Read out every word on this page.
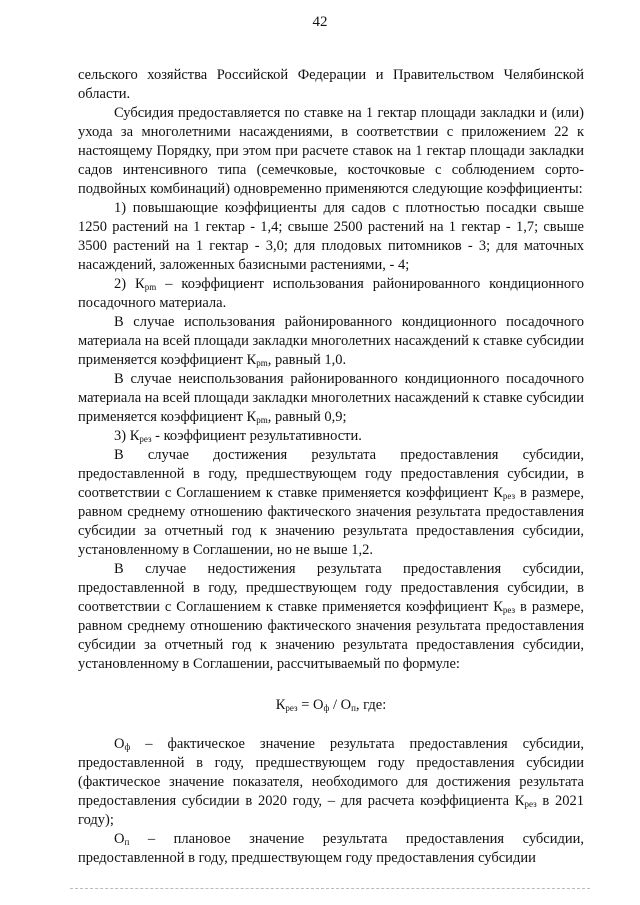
42

сельского хозяйства Российской Федерации и Правительством Челябинской области.

Субсидия предоставляется по ставке на 1 гектар площади закладки и (или) ухода за многолетними насаждениями, в соответствии с приложением 22 к настоящему Порядку, при этом при расчете ставок на 1 гектар площади закладки садов интенсивного типа (семечковые, косточковые с соблюдением сорто-подвойных комбинаций) одновременно применяются следующие коэффициенты:

1) повышающие коэффициенты для садов с плотностью посадки свыше 1250 растений на 1 гектар - 1,4; свыше 2500 растений на 1 гектар - 1,7; свыше 3500 растений на 1 гектар - 3,0; для плодовых питомников - 3; для маточных насаждений, заложенных базисными растениями, - 4;

2) $К_{рm}$ – коэффициент использования районированного кондиционного посадочного материала.

В случае использования районированного кондиционного посадочного материала на всей площади закладки многолетних насаждений к ставке субсидии применяется коэффициент $К_{рm}$, равный 1,0.

В случае неиспользования районированного кондиционного посадочного материала на всей площади закладки многолетних насаждений к ставке субсидии применяется коэффициент $К_{рm}$, равный 0,9;

3) $К_{рез}$ - коэффициент результативности.

В случае достижения результата предоставления субсидии, предоставленной в году, предшествующем году предоставления субсидии, в соответствии с Соглашением к ставке применяется коэффициент $К_{рез}$ в размере, равном среднему отношению фактического значения результата предоставления субсидии за отчетный год к значению результата предоставления субсидии, установленному в Соглашении, но не выше 1,2.

В случае недостижения результата предоставления субсидии, предоставленной в году, предшествующем году предоставления субсидии, в соответствии с Соглашением к ставке применяется коэффициент $К_{рез}$ в размере, равном среднему отношению фактического значения результата предоставления субсидии за отчетный год к значению результата предоставления субсидии, установленному в Соглашении, рассчитываемый по формуле:

$К_{рез} = О_ф / О_п$, где:

$О_ф$ – фактическое значение результата предоставления субсидии, предоставленной в году, предшествующем году предоставления субсидии (фактическое значение показателя, необходимого для достижения результата предоставления субсидии в 2020 году, – для расчета коэффициента $К_{рез}$ в 2021 году);

$О_п$ – плановое значение результата предоставления субсидии, предоставленной в году, предшествующем году предоставления субсидии
